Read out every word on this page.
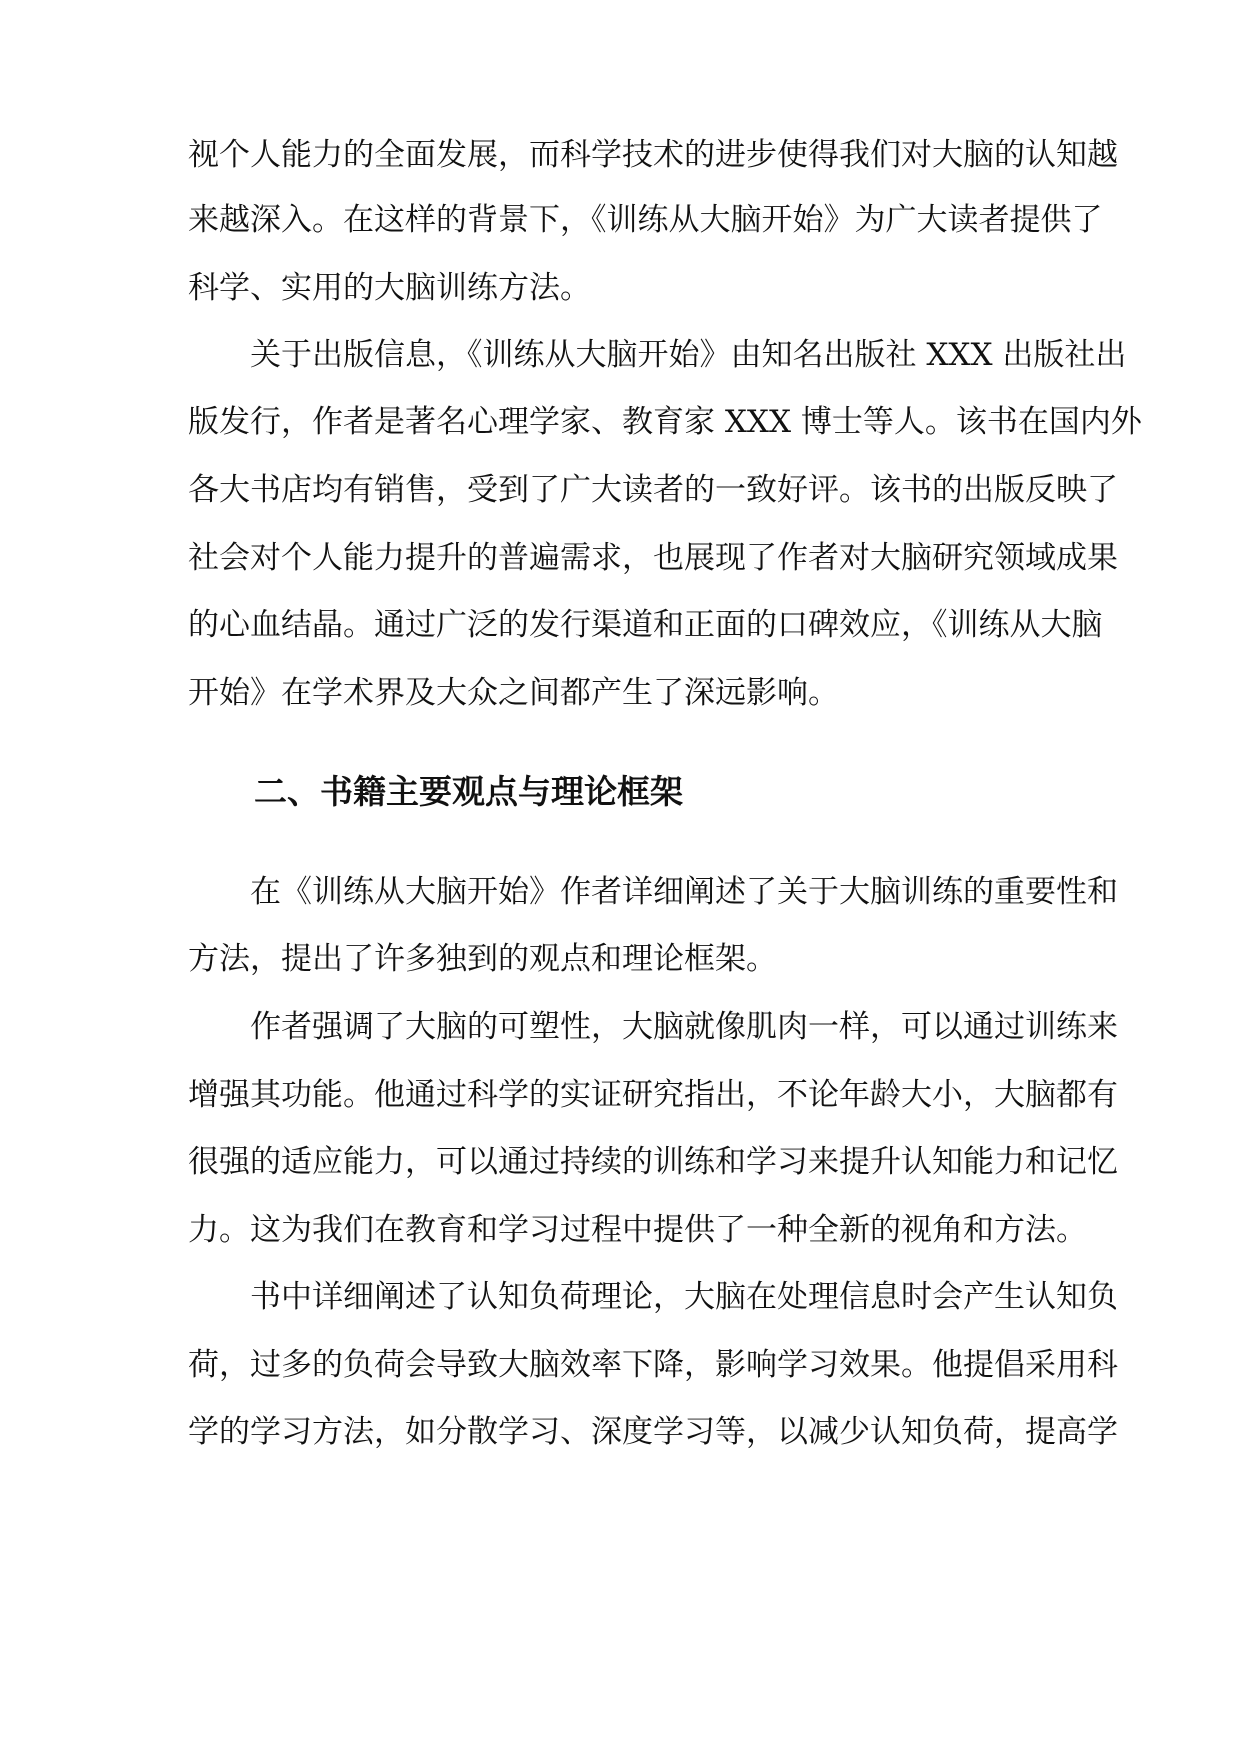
视个人能力的全面发展，而科学技术的进步使得我们对大脑的认知越
来越深入。在这样的背景下，《训练从大脑开始》为广大读者提供了
科学、实用的大脑训练方法。
关于出版信息，《训练从大脑开始》由知名出版社 XXX 出版社出
版发行，作者是著名心理学家、教育家 XXX 博士等人。该书在国内外
各大书店均有销售，受到了广大读者的一致好评。该书的出版反映了
社会对个人能力提升的普遍需求，也展现了作者对大脑研究领域成果
的心血结晶。通过广泛的发行渠道和正面的口碑效应，《训练从大脑
开始》在学术界及大众之间都产生了深远影响。
二、书籍主要观点与理论框架
在《训练从大脑开始》作者详细阐述了关于大脑训练的重要性和
方法，提出了许多独到的观点和理论框架。
作者强调了大脑的可塑性，大脑就像肌肉一样，可以通过训练来
增强其功能。他通过科学的实证研究指出，不论年龄大小，大脑都有
很强的适应能力，可以通过持续的训练和学习来提升认知能力和记忆
力。这为我们在教育和学习过程中提供了一种全新的视角和方法。
书中详细阐述了认知负荷理论，大脑在处理信息时会产生认知负
荷，过多的负荷会导致大脑效率下降，影响学习效果。他提倡采用科
学的学习方法，如分散学习、深度学习等，以减少认知负荷，提高学
